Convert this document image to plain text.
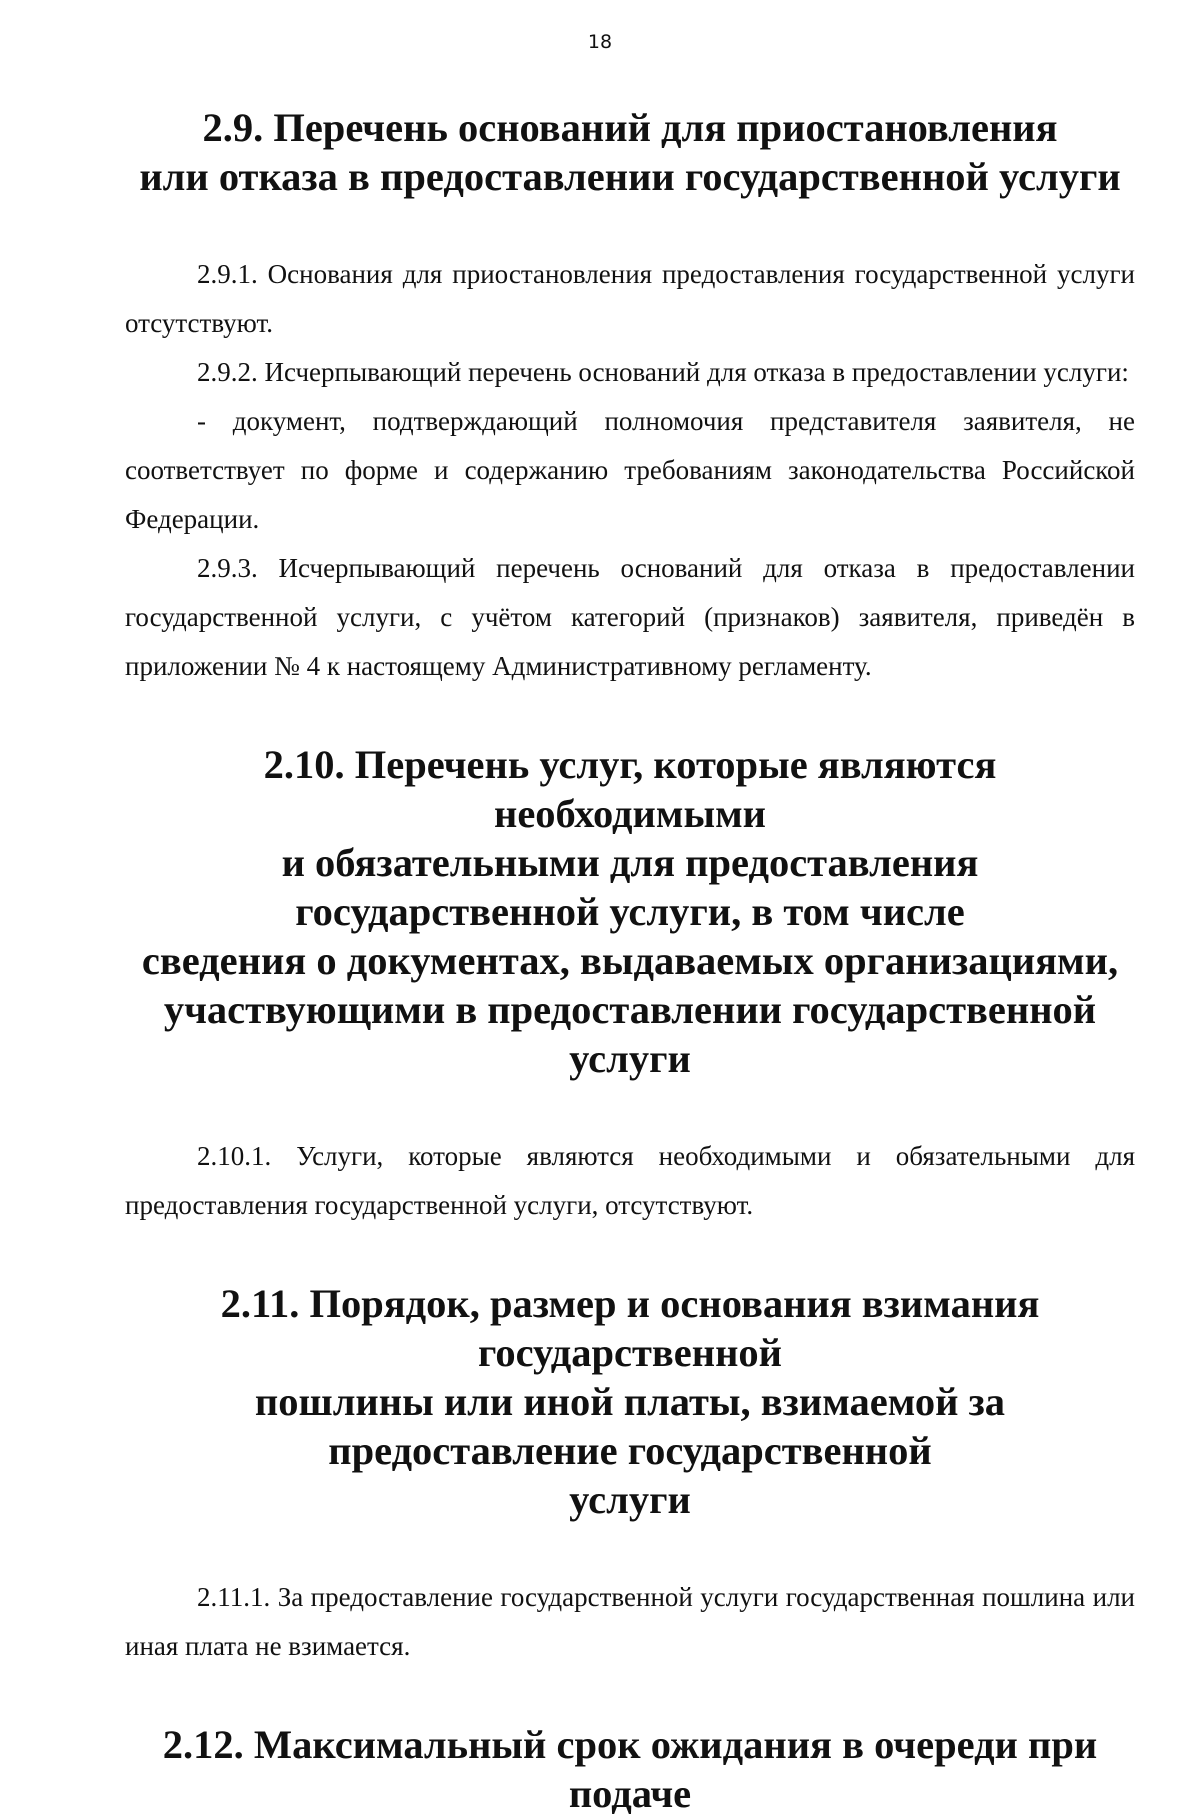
18
2.9. Перечень оснований для приостановления
или отказа в предоставлении государственной услуги

2.9.1. Основания для приостановления предоставления государственной услуги отсутствуют.

2.9.2. Исчерпывающий перечень оснований для отказа в предоставлении услуги:

- документ, подтверждающий полномочия представителя заявителя, не соответствует по форме и содержанию требованиям законодательства Российской Федерации.

2.9.3. Исчерпывающий перечень оснований для отказа в предоставлении государственной услуги, с учётом категорий (признаков) заявителя, приведён в приложении № 4 к настоящему Административному регламенту.

2.10. Перечень услуг, которые являются необходимыми
и обязательными для предоставления государственной услуги, в том числе
сведения о документах, выдаваемых организациями,
участвующими в предоставлении государственной услуги

2.10.1. Услуги, которые являются необходимыми и обязательными для предоставления государственной услуги, отсутствуют.

2.11. Порядок, размер и основания взимания государственной
пошлины или иной платы, взимаемой за предоставление государственной
услуги

2.11.1. За предоставление государственной услуги государственная пошлина или иная плата не взимается.

2.12. Максимальный срок ожидания в очереди при подаче
